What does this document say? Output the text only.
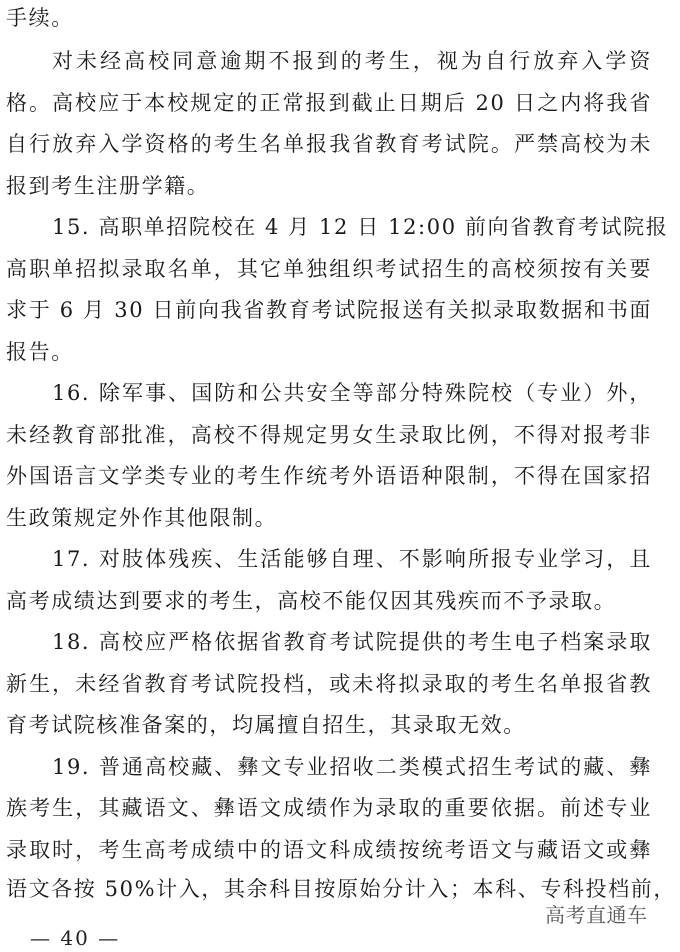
手续。
对未经高校同意逾期不报到的考生，视为自行放弃入学资
格。高校应于本校规定的正常报到截止日期后 20 日之内将我省
自行放弃入学资格的考生名单报我省教育考试院。严禁高校为未
报到考生注册学籍。
15. 高职单招院校在 4 月 12 日 12:00 前向省教育考试院报
高职单招拟录取名单，其它单独组织考试招生的高校须按有关要
求于 6 月 30 日前向我省教育考试院报送有关拟录取数据和书面
报告。
16. 除军事、国防和公共安全等部分特殊院校（专业）外，
未经教育部批准，高校不得规定男女生录取比例，不得对报考非
外国语言文学类专业的考生作统考外语语种限制，不得在国家招
生政策规定外作其他限制。
17. 对肢体残疾、生活能够自理、不影响所报专业学习，且
高考成绩达到要求的考生，高校不能仅因其残疾而不予录取。
18. 高校应严格依据省教育考试院提供的考生电子档案录取
新生，未经省教育考试院投档，或未将拟录取的考生名单报省教
育考试院核准备案的，均属擅自招生，其录取无效。
19. 普通高校藏、彝文专业招收二类模式招生考试的藏、彝
族考生，其藏语文、彝语文成绩作为录取的重要依据。前述专业
录取时，考生高考成绩中的语文科成绩按统考语文与藏语文或彝
语文各按 50%计入，其余科目按原始分计入；本科、专科投档前，
高考直通车
— 40 —
